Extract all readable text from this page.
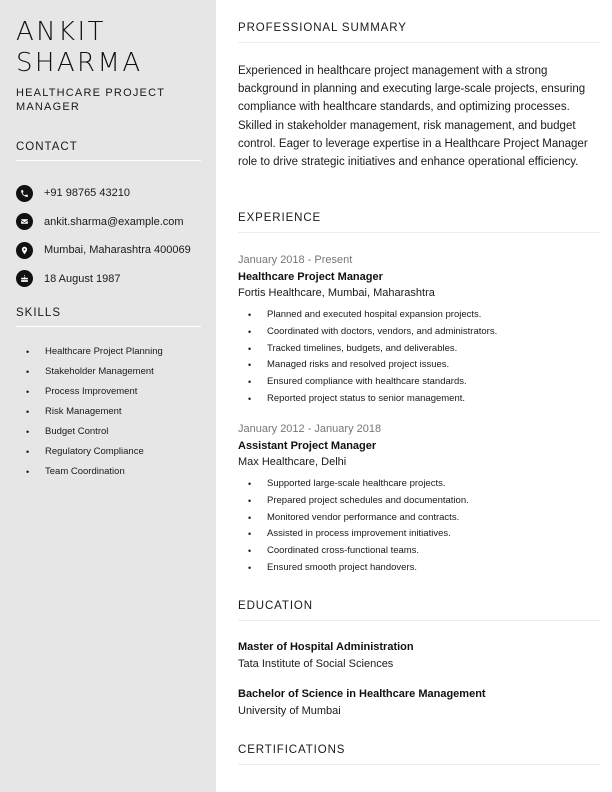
ANKIT
SHARMA
HEALTHCARE PROJECT MANAGER
CONTACT
+91 98765 43210
ankit.sharma@example.com
Mumbai, Maharashtra 400069
18 August 1987
SKILLS
• Healthcare Project Planning
• Stakeholder Management
• Process Improvement
• Risk Management
• Budget Control
• Regulatory Compliance
• Team Coordination
PROFESSIONAL SUMMARY

Experienced in healthcare project management with a strong background in planning and executing large-scale projects, ensuring compliance with healthcare standards, and optimizing processes. Skilled in stakeholder management, risk management, and budget control. Eager to leverage expertise in a Healthcare Project Manager role to drive strategic initiatives and enhance operational efficiency.

EXPERIENCE
January 2018 - Present
Healthcare Project Manager
Fortis Healthcare, Mumbai, Maharashtra
• Planned and executed hospital expansion projects.
• Coordinated with doctors, vendors, and administrators.
• Tracked timelines, budgets, and deliverables.
• Managed risks and resolved project issues.
• Ensured compliance with healthcare standards.
• Reported project status to senior management.
January 2012 - January 2018
Assistant Project Manager
Max Healthcare, Delhi
• Supported large-scale healthcare projects.
• Prepared project schedules and documentation.
• Monitored vendor performance and contracts.
• Assisted in process improvement initiatives.
• Coordinated cross-functional teams.
• Ensured smooth project handovers.
EDUCATION
Master of Hospital Administration
Tata Institute of Social Sciences
Bachelor of Science in Healthcare Management
University of Mumbai
CERTIFICATIONS
